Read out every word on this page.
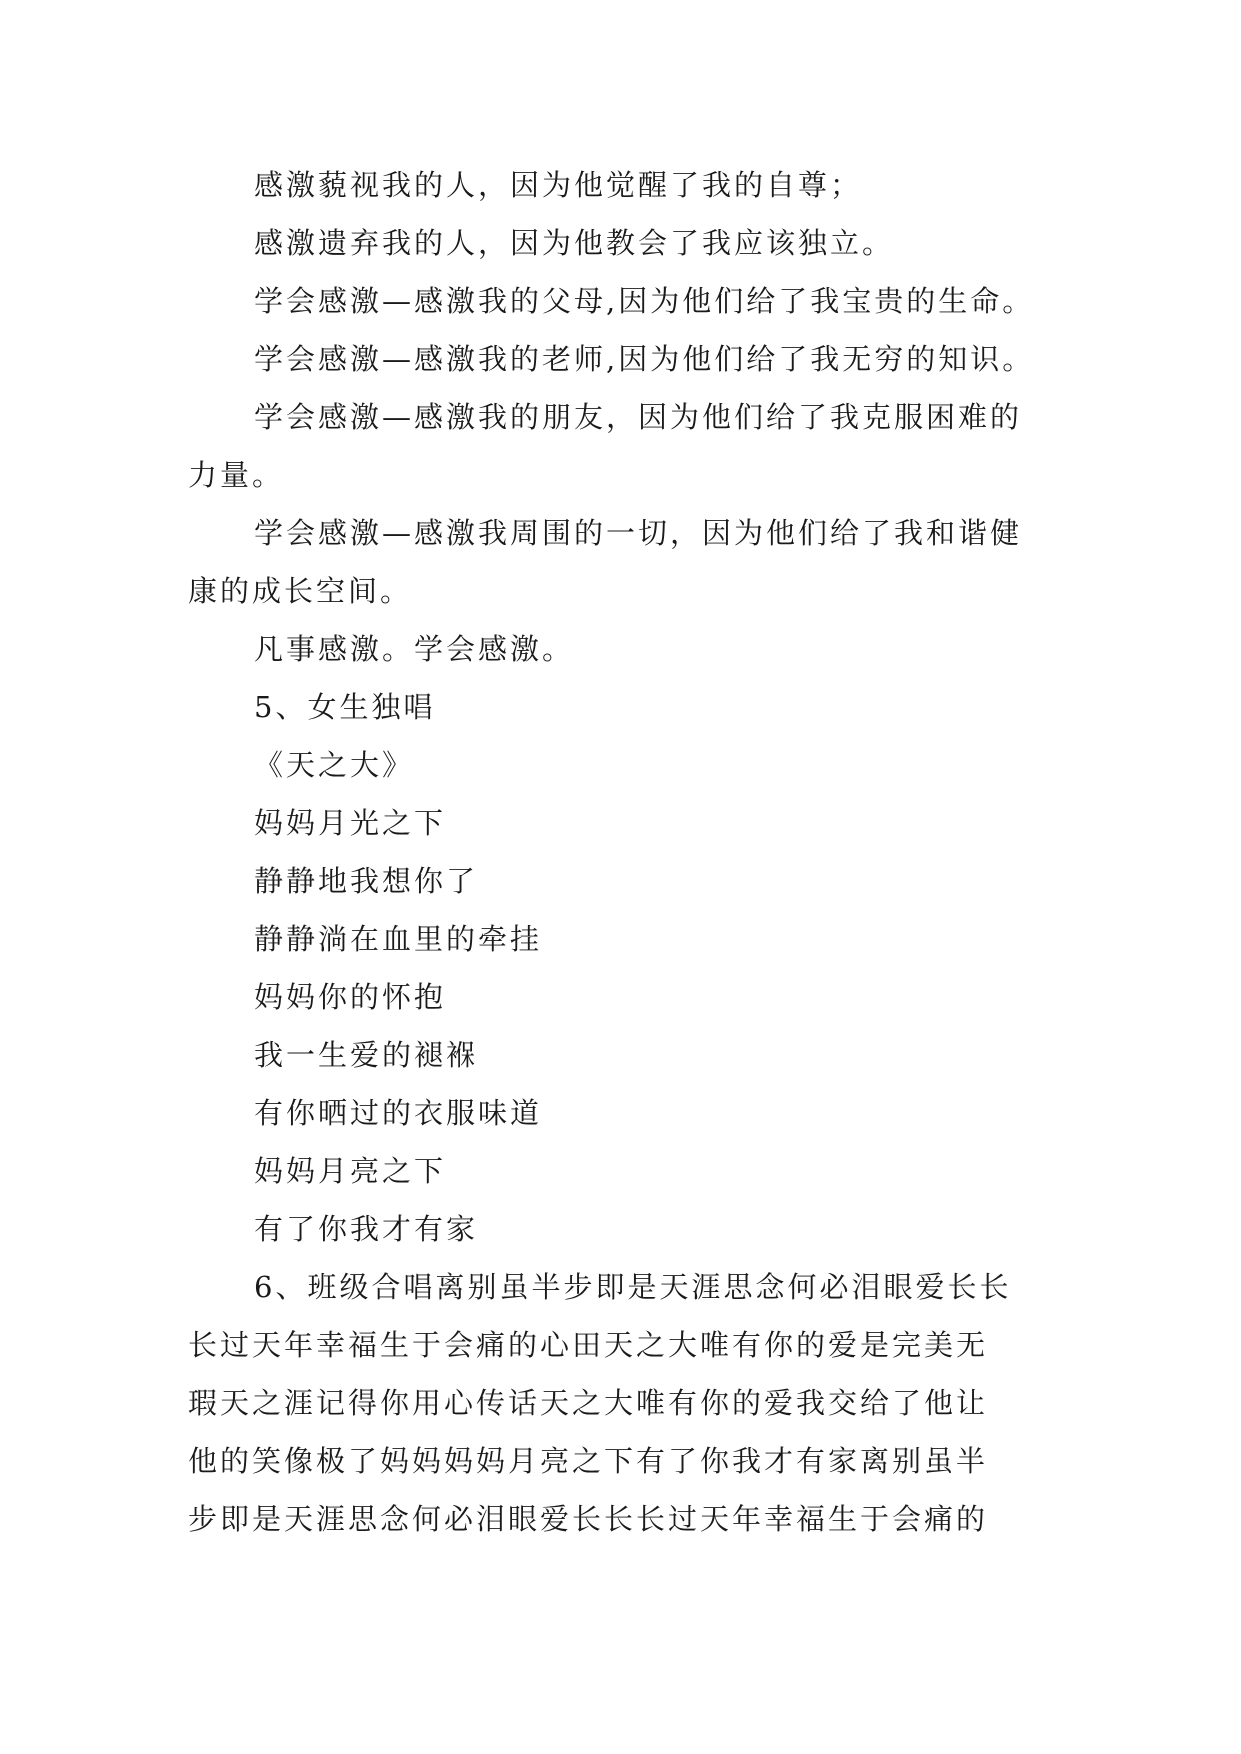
感激藐视我的人，因为他觉醒了我的自尊；
感激遗弃我的人，因为他教会了我应该独立。
学会感激—感激我的父母,因为他们给了我宝贵的生命。
学会感激—感激我的老师,因为他们给了我无穷的知识。
学会感激—感激我的朋友，因为他们给了我克服困难的
力量。
学会感激—感激我周围的一切，因为他们给了我和谐健
康的成长空间。
凡事感激。学会感激。
5、女生独唱
《天之大》
妈妈月光之下
静静地我想你了
静静淌在血里的牵挂
妈妈你的怀抱
我一生爱的褪褓
有你晒过的衣服味道
妈妈月亮之下
有了你我才有家
6、班级合唱离别虽半步即是天涯思念何必泪眼爱长长
长过天年幸福生于会痛的心田天之大唯有你的爱是完美无
瑕天之涯记得你用心传话天之大唯有你的爱我交给了他让
他的笑像极了妈妈妈妈月亮之下有了你我才有家离别虽半
步即是天涯思念何必泪眼爱长长长过天年幸福生于会痛的
